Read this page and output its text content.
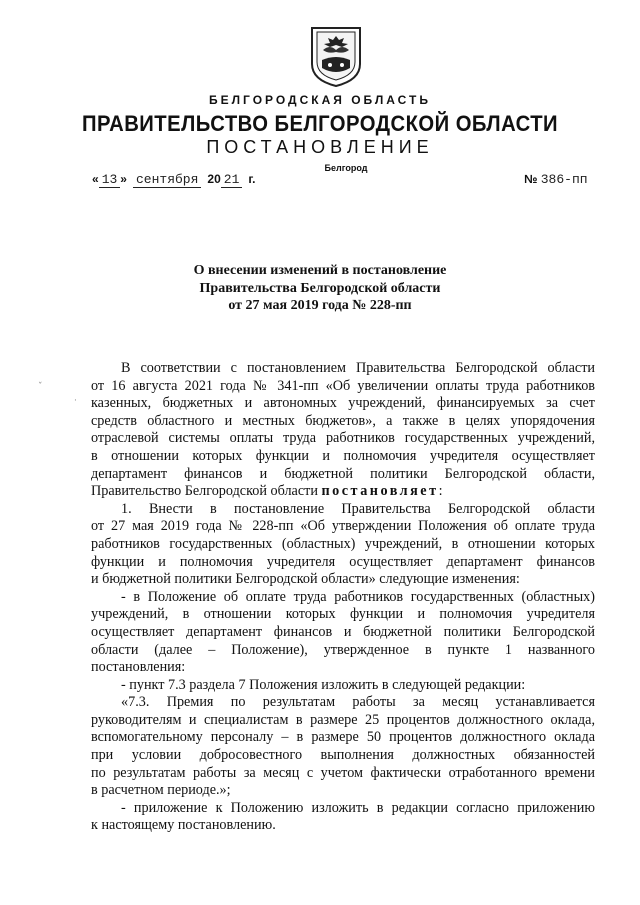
БЕЛГОРОДСКАЯ ОБЛАСТЬ
ПРАВИТЕЛЬСТВО БЕЛГОРОДСКОЙ ОБЛАСТИ
ПОСТАНОВЛЕНИЕ
Белгород
« 13 » сентября 20 21 г.	№ 386-пп
О внесении изменений в постановление
Правительства Белгородской области
от 27 мая 2019 года № 228-пп
ˇ
·
В соответствии с постановлением Правительства Белгородской области
от 16 августа 2021 года № 341-пп «Об увеличении оплаты труда работников
казенных, бюджетных и автономных учреждений, финансируемых за счет
средств областного и местных бюджетов», а также в целях упорядочения
отраслевой системы оплаты труда работников государственных учреждений,
в отношении которых функции и полномочия учредителя осуществляет
департамент финансов и бюджетной политики Белгородской области,
Правительство Белгородской области постановляет:
1. Внести в постановление Правительства Белгородской области
от 27 мая 2019 года № 228-пп «Об утверждении Положения об оплате труда
работников государственных (областных) учреждений, в отношении которых
функции и полномочия учредителя осуществляет департамент финансов
и бюджетной политики Белгородской области» следующие изменения:
- в Положение об оплате труда работников государственных (областных)
учреждений, в отношении которых функции и полномочия учредителя
осуществляет департамент финансов и бюджетной политики Белгородской
области (далее – Положение), утвержденное в пункте 1 названного
постановления:
- пункт 7.3 раздела 7 Положения изложить в следующей редакции:
«7.3. Премия по результатам работы за месяц устанавливается
руководителям и специалистам в размере 25 процентов должностного оклада,
вспомогательному персоналу – в размере 50 процентов должностного оклада
при условии добросовестного выполнения должностных обязанностей
по результатам работы за месяц с учетом фактически отработанного времени
в расчетном периоде.»;
- приложение к Положению изложить в редакции согласно приложению
к настоящему постановлению.
